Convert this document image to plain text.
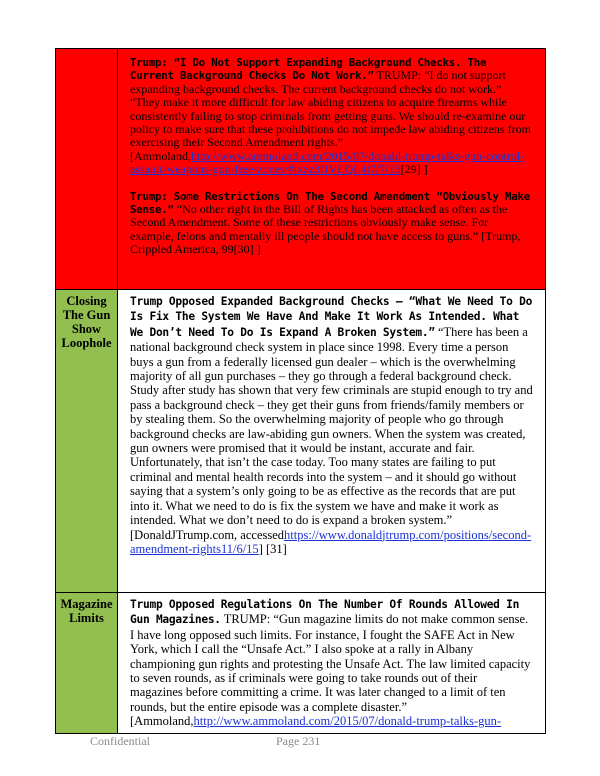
	Trump: “I Do Not Support Expanding Background Checks. The Current Background Checks Do Not Work.” TRUMP: “I do not support expanding background checks. The current background checks do not work.” “They make it more difficult for law abiding citizens to acquire firearms while consistently failing to stop criminals from getting guns. We should re-examine our policy to make sure that these prohibitions do not impede law abiding citizens from exercising their Second Amendment rights.” [Ammoland,http://www.ammoland.com/2015/07/donald-trump-talks-gun-control-assault-weapons-gun-free-zones/#ixzz3fJVLQL4t7/7/15[29] ]

Trump: Some Restrictions On The Second Amendment “Obviously Make Sense.” “No other right in the Bill of Rights has been attacked as often as the Second Amendment. Some of these restrictions obviously make sense. For example, felons and mentally ill people should not have access to guns.” [Trump, Crippled America, 99[30] ]

Closing The Gun Show Loophole	Trump Opposed Expanded Background Checks — “What We Need To Do Is Fix The System We Have And Make It Work As Intended. What We Don’t Need To Do Is Expand A Broken System.” “There has been a national background check system in place since 1998. Every time a person buys a gun from a federally licensed gun dealer – which is the overwhelming majority of all gun purchases – they go through a federal background check. Study after study has shown that very few criminals are stupid enough to try and pass a background check – they get their guns from friends/family members or by stealing them. So the overwhelming majority of people who go through background checks are law-abiding gun owners. When the system was created, gun owners were promised that it would be instant, accurate and fair. Unfortunately, that isn’t the case today. Too many states are failing to put criminal and mental health records into the system – and it should go without saying that a system’s only going to be as effective as the records that are put into it. What we need to do is fix the system we have and make it work as intended. What we don’t need to do is expand a broken system.” [DonaldJTrump.com, accessedhttps://www.donaldjtrump.com/positions/second-amendment-rights11/6/15] [31]

Magazine Limits	Trump Opposed Regulations On The Number Of Rounds Allowed In Gun Magazines. TRUMP: “Gun magazine limits do not make common sense. I have long opposed such limits. For instance, I fought the SAFE Act in New York, which I call the “Unsafe Act.” I also spoke at a rally in Albany championing gun rights and protesting the Unsafe Act. The law limited capacity to seven rounds, as if criminals were going to take rounds out of their magazines before committing a crime. It was later changed to a limit of ten rounds, but the entire episode was a complete disaster.” [Ammoland,http://www.ammoland.com/2015/07/donald-trump-talks-gun-

Confidential	Page 231
